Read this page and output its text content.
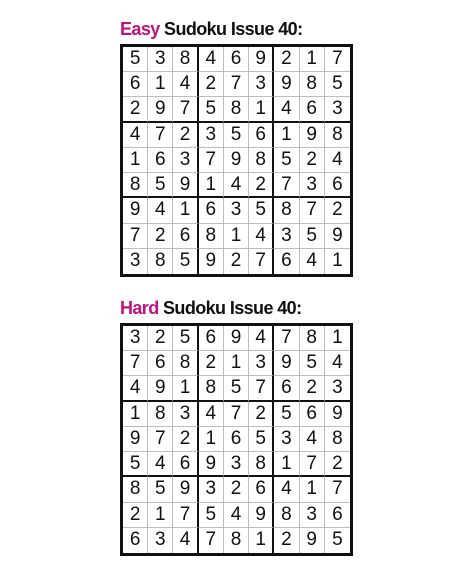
Easy Sudoku Issue 40:
5 3 8 4 6 9 2 1 7
6 1 4 2 7 3 9 8 5
2 9 7 5 8 1 4 6 3
4 7 2 3 5 6 1 9 8
1 6 3 7 9 8 5 2 4
8 5 9 1 4 2 7 3 6
9 4 1 6 3 5 8 7 2
7 2 6 8 1 4 3 5 9
3 8 5 9 2 7 6 4 1
Hard Sudoku Issue 40:
3 2 5 6 9 4 7 8 1
7 6 8 2 1 3 9 5 4
4 9 1 8 5 7 6 2 3
1 8 3 4 7 2 5 6 9
9 7 2 1 6 5 3 4 8
5 4 6 9 3 8 1 7 2
8 5 9 3 2 6 4 1 7
2 1 7 5 4 9 8 3 6
6 3 4 7 8 1 2 9 5
